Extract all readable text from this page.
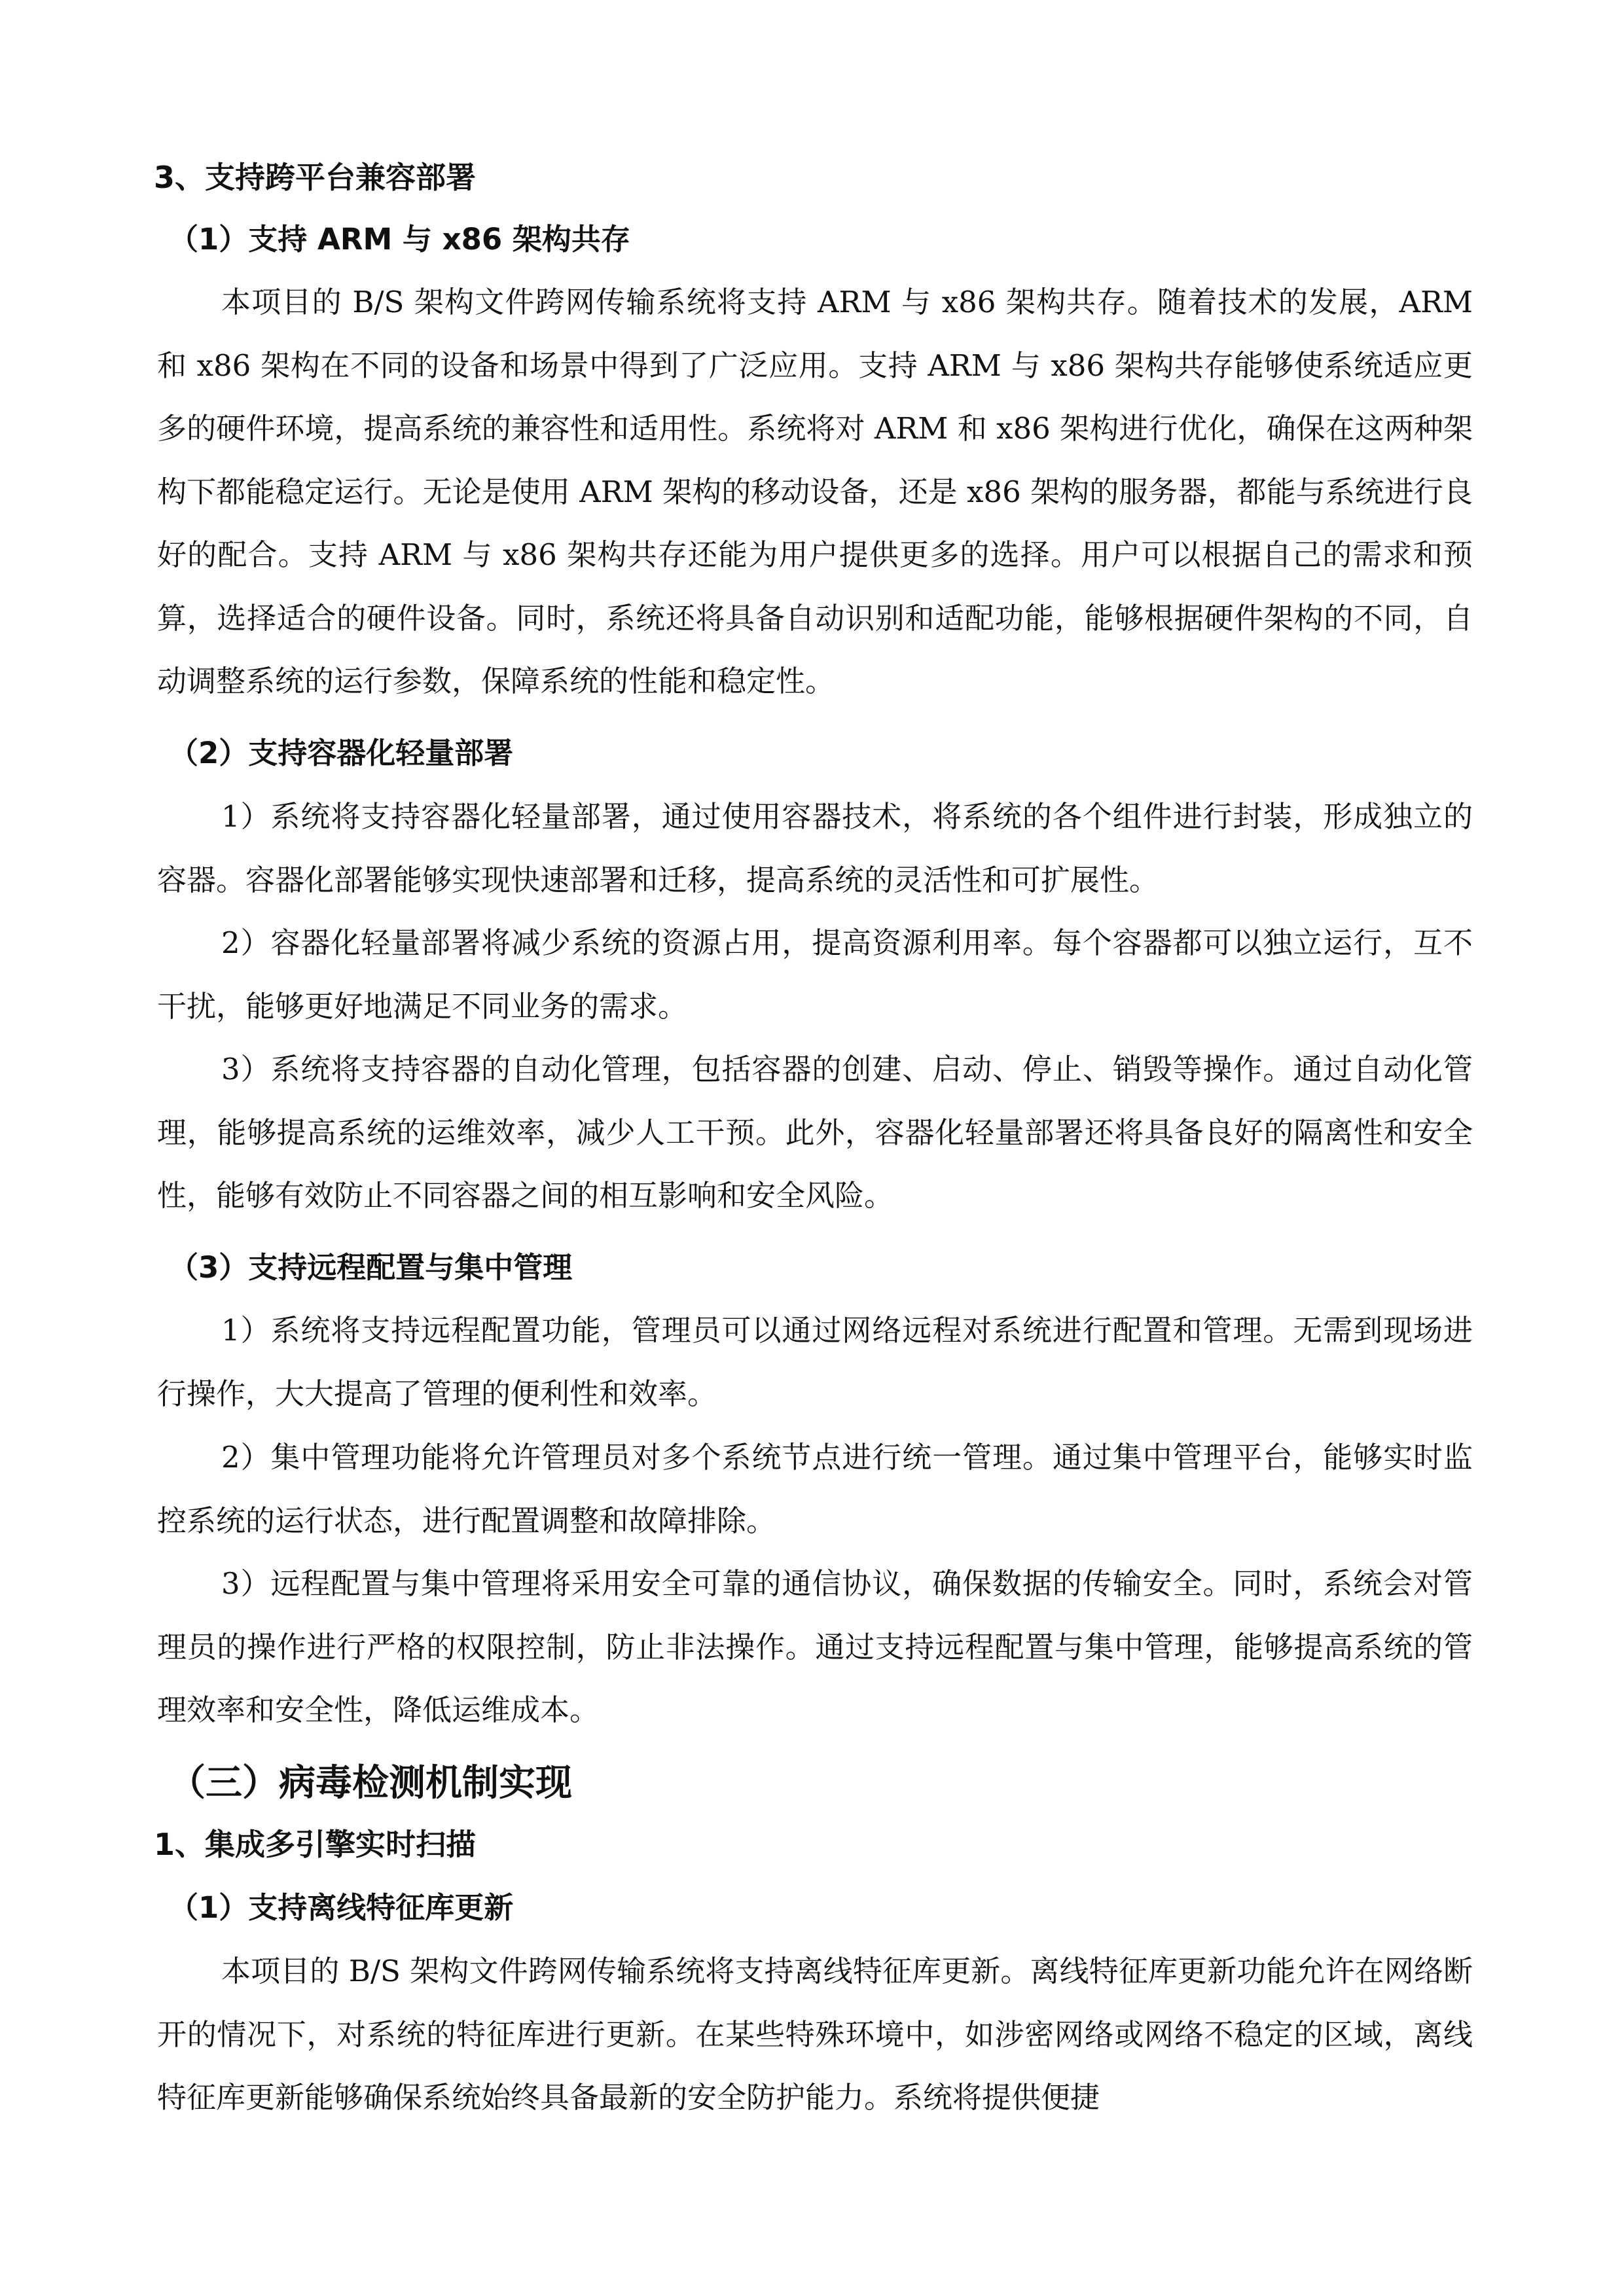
3、支持跨平台兼容部署
（1）支持 ARM 与 x86 架构共存

本项目的 B/S 架构文件跨网传输系统将支持 ARM 与 x86 架构共存。随着技术的发展，ARM 和 x86 架构在不同的设备和场景中得到了广泛应用。支持 ARM 与 x86 架构共存能够使系统适应更多的硬件环境，提高系统的兼容性和适用性。系统将对 ARM 和 x86 架构进行优化，确保在这两种架构下都能稳定运行。无论是使用 ARM 架构的移动设备，还是 x86 架构的服务器，都能与系统进行良好的配合。支持 ARM 与 x86 架构共存还能为用户提供更多的选择。用户可以根据自己的需求和预算，选择适合的硬件设备。同时，系统还将具备自动识别和适配功能，能够根据硬件架构的不同，自动调整系统的运行参数，保障系统的性能和稳定性。

（2）支持容器化轻量部署

1）系统将支持容器化轻量部署，通过使用容器技术，将系统的各个组件进行封装，形成独立的容器。容器化部署能够实现快速部署和迁移，提高系统的灵活性和可扩展性。

2）容器化轻量部署将减少系统的资源占用，提高资源利用率。每个容器都可以独立运行，互不干扰，能够更好地满足不同业务的需求。

3）系统将支持容器的自动化管理，包括容器的创建、启动、停止、销毁等操作。通过自动化管理，能够提高系统的运维效率，减少人工干预。此外，容器化轻量部署还将具备良好的隔离性和安全性，能够有效防止不同容器之间的相互影响和安全风险。

（3）支持远程配置与集中管理

1）系统将支持远程配置功能，管理员可以通过网络远程对系统进行配置和管理。无需到现场进行操作，大大提高了管理的便利性和效率。

2）集中管理功能将允许管理员对多个系统节点进行统一管理。通过集中管理平台，能够实时监控系统的运行状态，进行配置调整和故障排除。

3）远程配置与集中管理将采用安全可靠的通信协议，确保数据的传输安全。同时，系统会对管理员的操作进行严格的权限控制，防止非法操作。通过支持远程配置与集中管理，能够提高系统的管理效率和安全性，降低运维成本。

（三）病毒检测机制实现
1、集成多引擎实时扫描
（1）支持离线特征库更新

本项目的 B/S 架构文件跨网传输系统将支持离线特征库更新。离线特征库更新功能允许在网络断开的情况下，对系统的特征库进行更新。在某些特殊环境中，如涉密网络或网络不稳定的区域，离线特征库更新能够确保系统始终具备最新的安全防护能力。系统将提供便捷
